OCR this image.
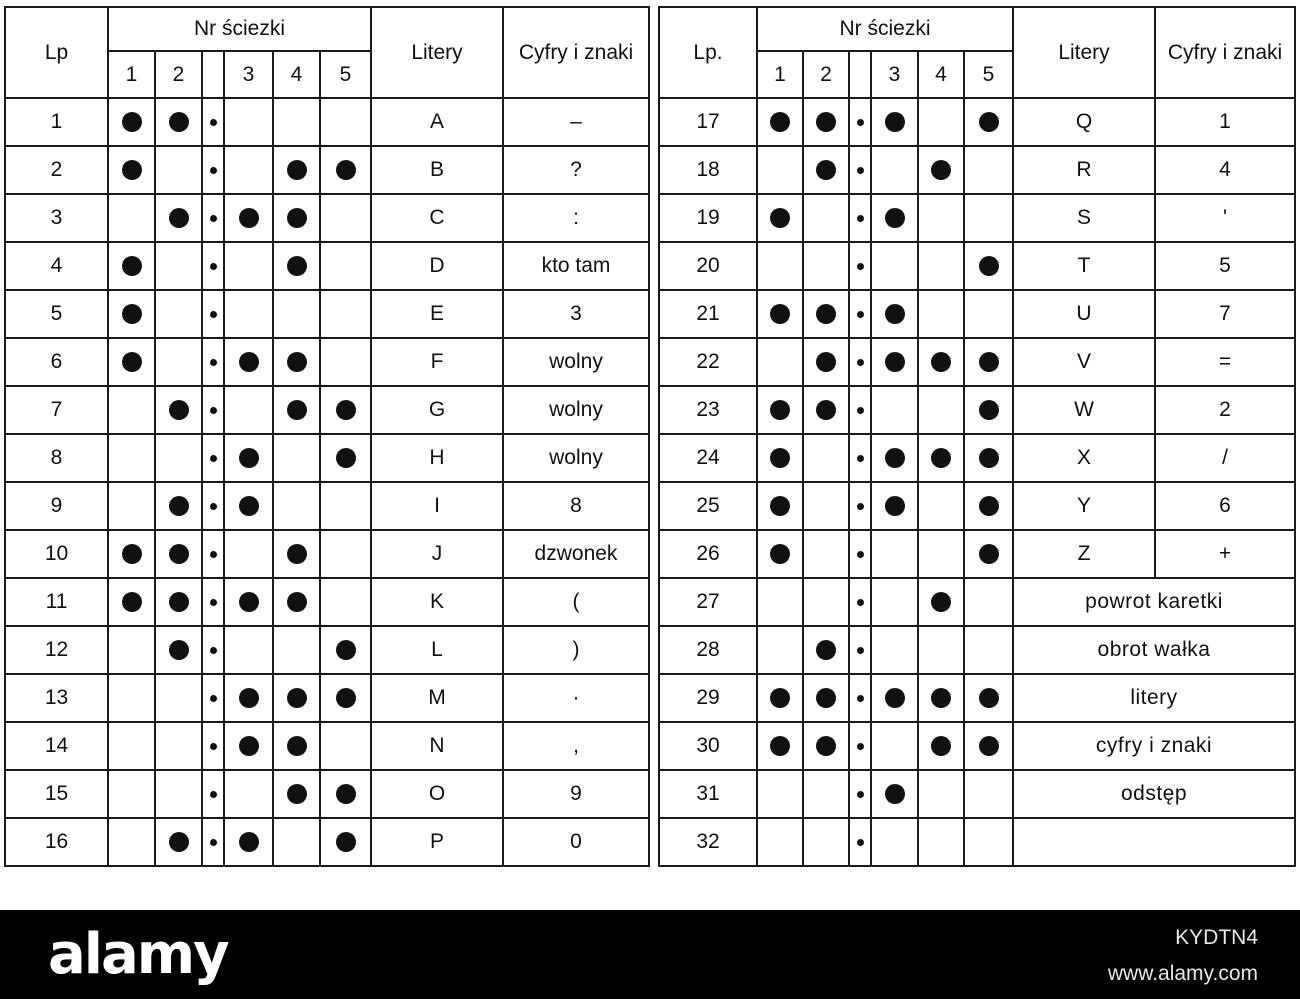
Lp	Nr ściezki						Litery	Cyfry i znaki
	1	2		3	4	5		
1							A	–
2							B	?
3							C	:
4							D	kto tam
5							E	3
6							F	wolny
7							G	wolny
8							H	wolny
9							I	8
10							J	dzwonek
11							K	(
12							L	)
13							M	·
14							N	,
15							O	9
16							P	0
Lp.	Nr ściezki						Litery	Cyfry i znaki
	1	2		3	4	5		
17							Q	1
18							R	4
19							S	'
20							T	5
21							U	7
22							V	=
23							W	2
24							X	/
25							Y	6
26							Z	+
27							powrot karetki	
28							obrot wałka	
29							litery	
30							cyfry i znaki	
31							odstęp	
32								
alamy	KYDTN4
www.alamy.com
